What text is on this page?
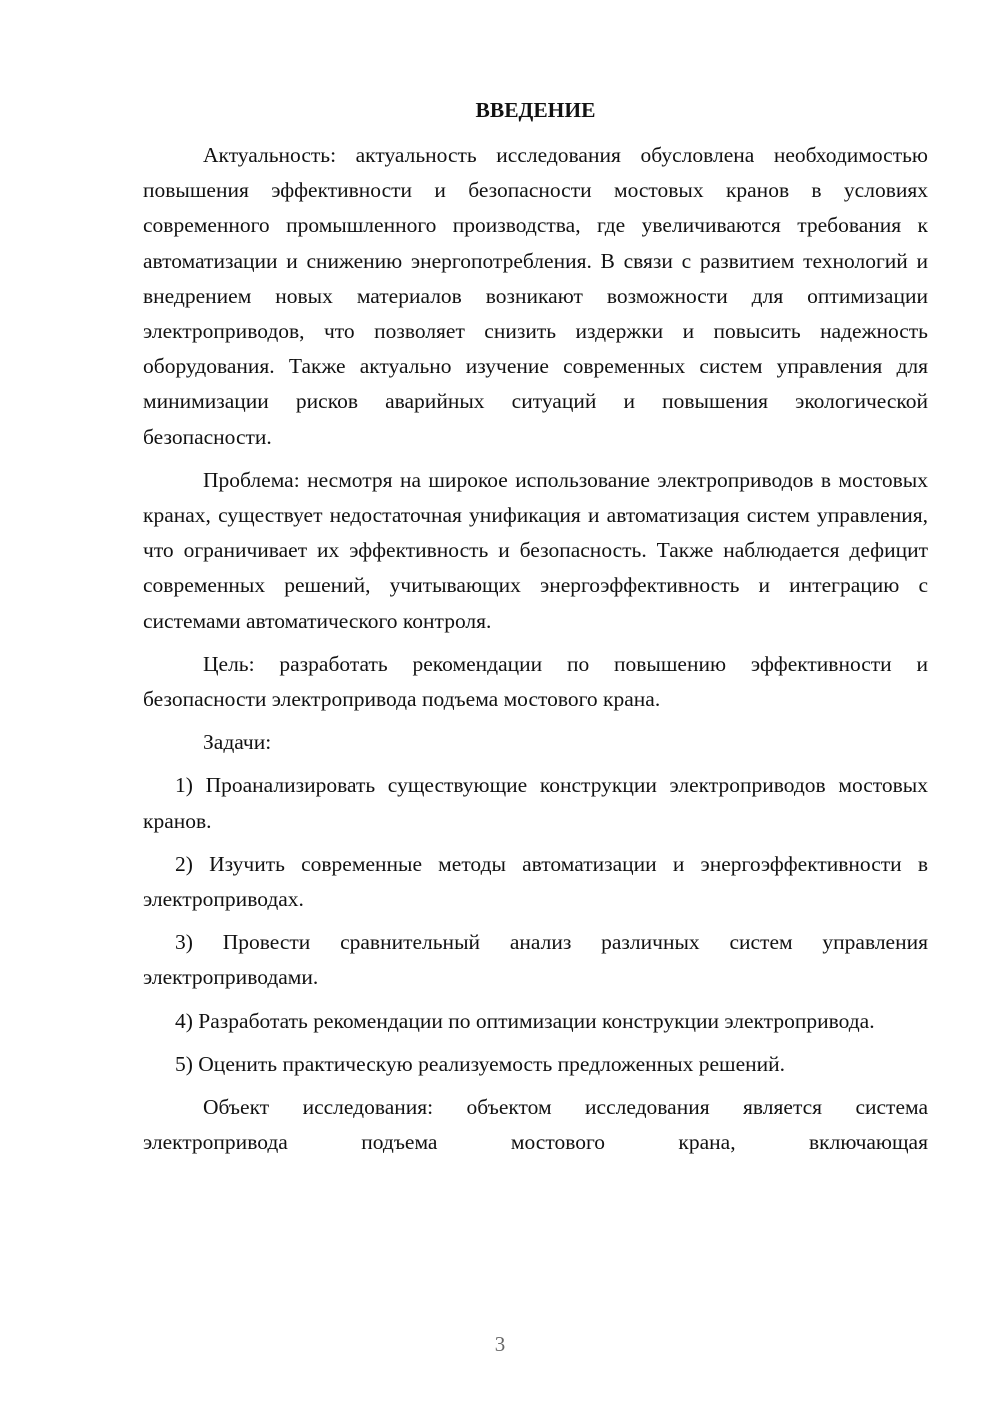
ВВЕДЕНИЕ

Актуальность: актуальность исследования обусловлена необходимостью повышения эффективности и безопасности мостовых кранов в условиях современного промышленного производства, где увеличиваются требования к автоматизации и снижению энергопотребления. В связи с развитием технологий и внедрением новых материалов возникают возможности для оптимизации электроприводов, что позволяет снизить издержки и повысить надежность оборудования. Также актуально изучение современных систем управления для минимизации рисков аварийных ситуаций и повышения экологической безопасности.

Проблема: несмотря на широкое использование электроприводов в мостовых кранах, существует недостаточная унификация и автоматизация систем управления, что ограничивает их эффективность и безопасность. Также наблюдается дефицит современных решений, учитывающих энергоэффективность и интеграцию с системами автоматического контроля.

Цель: разработать рекомендации по повышению эффективности и безопасности электропривода подъема мостового крана.

Задачи:

1) Проанализировать существующие конструкции электроприводов мостовых кранов.

2) Изучить современные методы автоматизации и энергоэффективности в электроприводах.

3) Провести сравнительный анализ различных систем управления электроприводами.

4) Разработать рекомендации по оптимизации конструкции электропривода.

5) Оценить практическую реализуемость предложенных решений.

Объект исследования: объектом исследования является система электропривода подъема мостового крана, включающая

3
